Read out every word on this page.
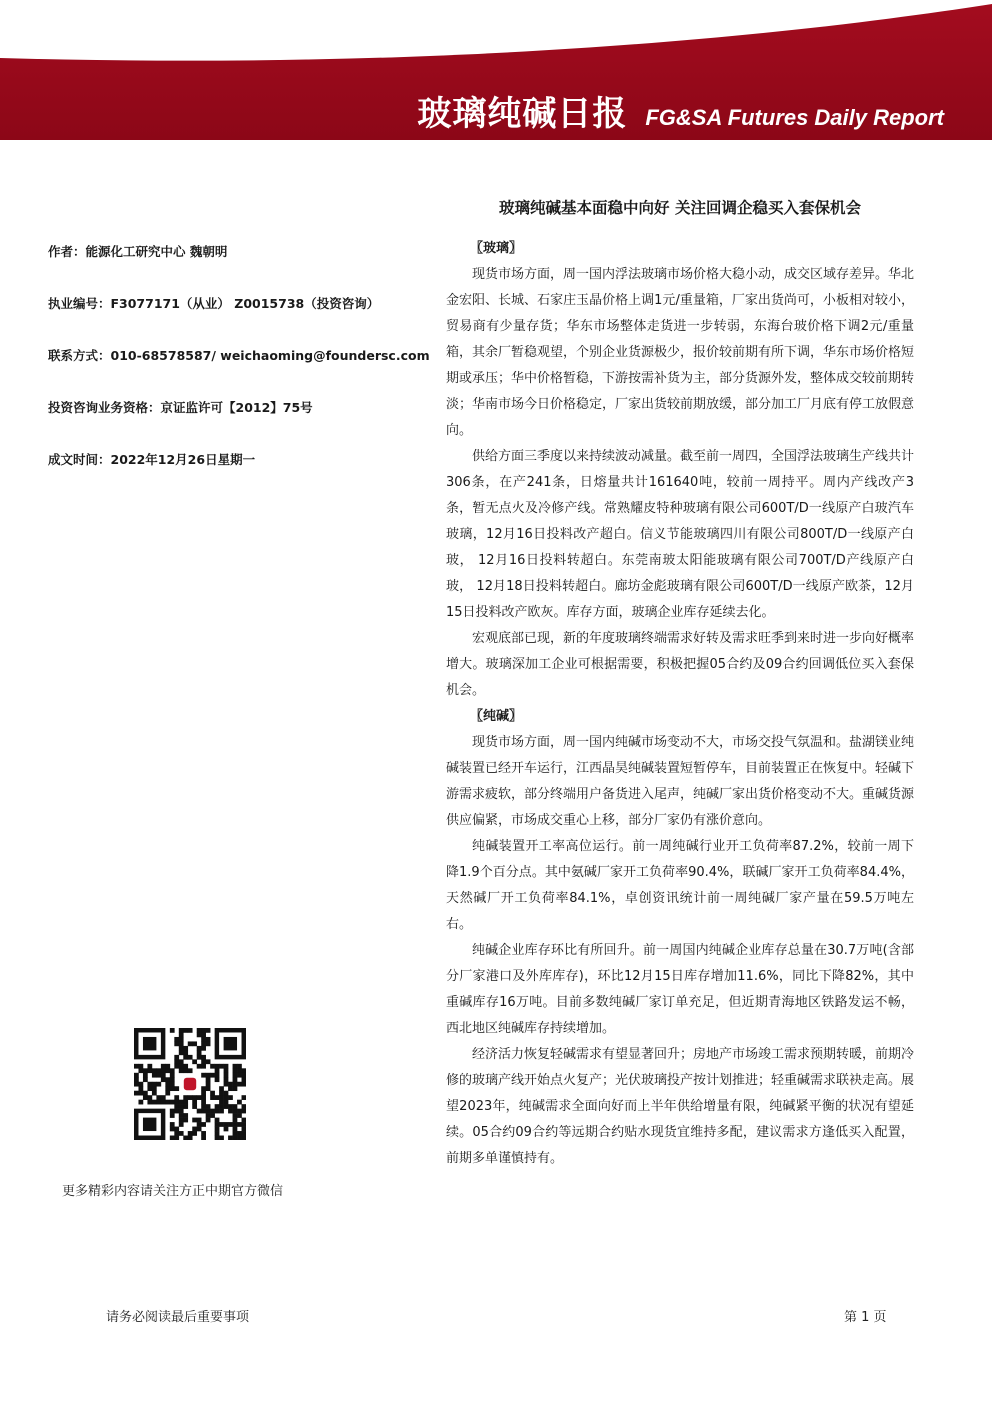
玻璃纯碱日报 FG&SA Futures Daily Report
玻璃纯碱基本面稳中向好 关注回调企稳买入套保机会
作者：能源化工研究中心 魏朝明
执业编号：F3077171（从业） Z0015738（投资咨询）
联系方式：010-68578587/ weichaoming@foundersc.com
投资咨询业务资格：京证监许可【2012】75号
成文时间：2022年12月26日星期一
更多精彩内容请关注方正中期官方微信

〖玻璃〗

现货市场方面，周一国内浮法玻璃市场价格大稳小动，成交区域存差异。华北金宏阳、长城、石家庄玉晶价格上调1元/重量箱，厂家出货尚可，小板相对较小，贸易商有少量存货；华东市场整体走货进一步转弱，东海台玻价格下调2元/重量箱，其余厂暂稳观望，个别企业货源极少，报价较前期有所下调，华东市场价格短期或承压；华中价格暂稳，下游按需补货为主，部分货源外发，整体成交较前期转淡；华南市场今日价格稳定，厂家出货较前期放缓，部分加工厂月底有停工放假意向。

供给方面三季度以来持续波动减量。截至前一周四，全国浮法玻璃生产线共计306条，在产241条，日熔量共计161640吨，较前一周持平。周内产线改产3条，暂无点火及冷修产线。常熟耀皮特种玻璃有限公司600T/D一线原产白玻汽车玻璃，12月16日投料改产超白。信义节能玻璃四川有限公司800T/D一线原产白玻， 12月16日投料转超白。东莞南玻太阳能玻璃有限公司700T/D产线原产白玻， 12月18日投料转超白。廊坊金彪玻璃有限公司600T/D一线原产欧茶，12月15日投料改产欧灰。库存方面，玻璃企业库存延续去化。

宏观底部已现，新的年度玻璃终端需求好转及需求旺季到来时进一步向好概率增大。玻璃深加工企业可根据需要，积极把握05合约及09合约回调低位买入套保机会。

〖纯碱〗

现货市场方面，周一国内纯碱市场变动不大，市场交投气氛温和。盐湖镁业纯碱装置已经开车运行，江西晶昊纯碱装置短暂停车，目前装置正在恢复中。轻碱下游需求疲软，部分终端用户备货进入尾声，纯碱厂家出货价格变动不大。重碱货源供应偏紧，市场成交重心上移，部分厂家仍有涨价意向。

纯碱装置开工率高位运行。前一周纯碱行业开工负荷率87.2%，较前一周下降1.9个百分点。其中氨碱厂家开工负荷率90.4%，联碱厂家开工负荷率84.4%，天然碱厂开工负荷率84.1%，卓创资讯统计前一周纯碱厂家产量在59.5万吨左右。

纯碱企业库存环比有所回升。前一周国内纯碱企业库存总量在30.7万吨(含部分厂家港口及外库库存)，环比12月15日库存增加11.6%，同比下降82%，其中重碱库存16万吨。目前多数纯碱厂家订单充足，但近期青海地区铁路发运不畅，西北地区纯碱库存持续增加。

经济活力恢复轻碱需求有望显著回升；房地产市场竣工需求预期转暖，前期冷修的玻璃产线开始点火复产；光伏玻璃投产按计划推进；轻重碱需求联袂走高。展望2023年，纯碱需求全面向好而上半年供给增量有限，纯碱紧平衡的状况有望延续。05合约09合约等远期合约贴水现货宜维持多配，建议需求方逢低买入配置，前期多单谨慎持有。

请务必阅读最后重要事项	第 1 页
